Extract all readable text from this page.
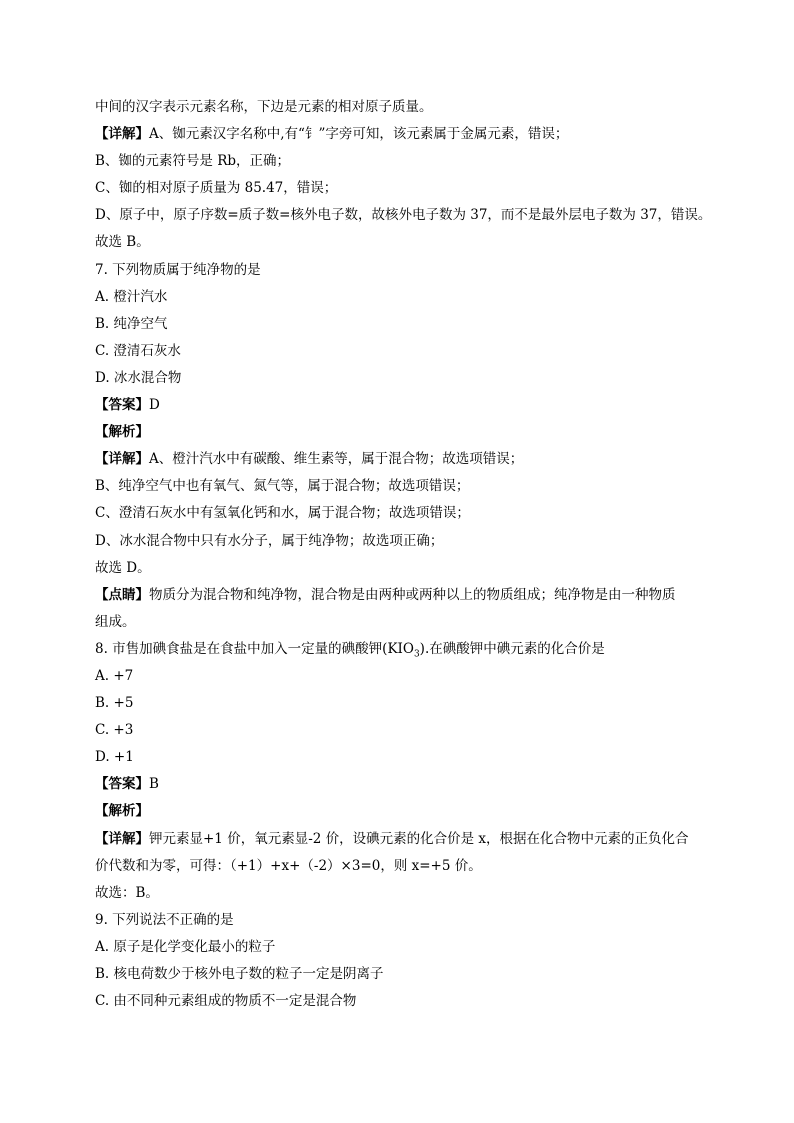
中间的汉字表示元素名称，下边是元素的相对原子质量。
【详解】A、铷元素汉字名称中,有“钅”字旁可知，该元素属于金属元素，错误；
B、铷的元素符号是 Rb，正确；
C、铷的相对原子质量为 85.47，错误；
D、原子中，原子序数=质子数=核外电子数，故核外电子数为 37，而不是最外层电子数为 37，错误。
故选 B。
7. 下列物质属于纯净物的是
A. 橙汁汽水
B. 纯净空气
C. 澄清石灰水
D. 冰水混合物
【答案】D
【解析】
【详解】A、橙汁汽水中有碳酸、维生素等，属于混合物；故选项错误；
B、纯净空气中也有氧气、氮气等，属于混合物；故选项错误；
C、澄清石灰水中有氢氧化钙和水，属于混合物；故选项错误；
D、冰水混合物中只有水分子，属于纯净物；故选项正确；
故选 D。
【点睛】物质分为混合物和纯净物，混合物是由两种或两种以上的物质组成；纯净物是由一种物质
组成。
8. 市售加碘食盐是在食盐中加入一定量的碘酸钾$(KIO_3)$.在碘酸钾中碘元素的化合价是
A. +7
B. +5
C. +3
D. +1
【答案】B
【解析】
【详解】钾元素显+1 价，氧元素显-2 价，设碘元素的化合价是 x，根据在化合物中元素的正负化合
价代数和为零，可得：（+1）+x+（-2）×3=0，则 x=+5 价。
故选：B。
9. 下列说法不正确的是
A. 原子是化学变化最小的粒子
B. 核电荷数少于核外电子数的粒子一定是阴离子
C. 由不同种元素组成的物质不一定是混合物
